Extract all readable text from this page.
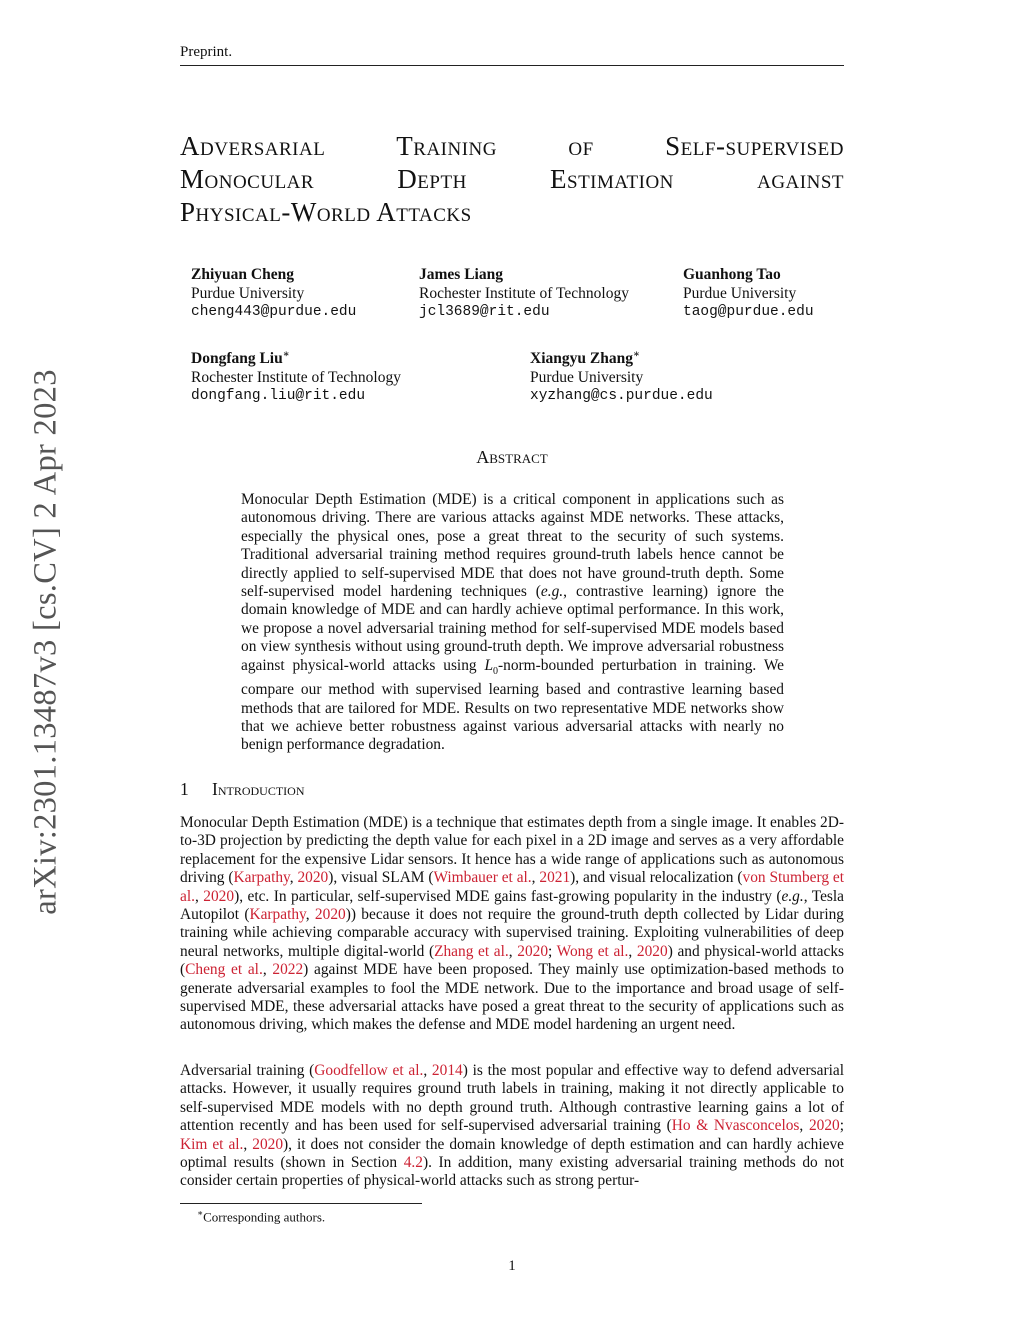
Preprint.
arXiv:2301.13487v3 [cs.CV] 2 Apr 2023
Adversarial Training of Self-supervised
Monocular Depth Estimation against
Physical-World Attacks
Zhiyuan Cheng
Purdue University
cheng443@purdue.edu
James Liang
Rochester Institute of Technology
jcl3689@rit.edu
Guanhong Tao
Purdue University
taog@purdue.edu
Dongfang Liu∗
Rochester Institute of Technology
dongfang.liu@rit.edu
Xiangyu Zhang∗
Purdue University
xyzhang@cs.purdue.edu
Abstract
Monocular Depth Estimation (MDE) is a critical component in applications such as autonomous driving. There are various attacks against MDE networks. These attacks, especially the physical ones, pose a great threat to the security of such systems. Traditional adversarial training method requires ground-truth labels hence cannot be directly applied to self-supervised MDE that does not have ground-truth depth. Some self-supervised model hardening techniques (e.g., contrastive learning) ignore the domain knowledge of MDE and can hardly achieve optimal performance. In this work, we propose a novel adversarial training method for self-supervised MDE models based on view synthesis without using ground-truth depth. We improve adversarial robustness against physical-world attacks using $L_0-norm$-bounded perturbation in training. We compare our method with supervised learning based and contrastive learning based methods that are tailored for MDE. Results on two representative MDE networks show that we achieve better robustness against various adversarial attacks with nearly no benign performance degradation.
1 Introduction
Monocular Depth Estimation (MDE) is a technique that estimates depth from a single image. It enables 2D-to-3D projection by predicting the depth value for each pixel in a 2D image and serves as a very affordable replacement for the expensive Lidar sensors. It hence has a wide range of applications such as autonomous driving (Karpathy, 2020), visual SLAM (Wimbauer et al., 2021), and visual relocalization (von Stumberg et al., 2020), etc. In particular, self-supervised MDE gains fast-growing popularity in the industry (e.g., Tesla Autopilot (Karpathy, 2020)) because it does not require the ground-truth depth collected by Lidar during training while achieving comparable accuracy with supervised training. Exploiting vulnerabilities of deep neural networks, multiple digital-world (Zhang et al., 2020; Wong et al., 2020) and physical-world attacks (Cheng et al., 2022) against MDE have been proposed. They mainly use optimization-based methods to generate adversarial examples to fool the MDE network. Due to the importance and broad usage of self-supervised MDE, these adversarial attacks have posed a great threat to the security of applications such as autonomous driving, which makes the defense and MDE model hardening an urgent need.
Adversarial training (Goodfellow et al., 2014) is the most popular and effective way to defend adversarial attacks. However, it usually requires ground truth labels in training, making it not directly applicable to self-supervised MDE models with no depth ground truth. Although contrastive learning gains a lot of attention recently and has been used for self-supervised adversarial training (Ho & Nvasconcelos, 2020; Kim et al., 2020), it does not consider the domain knowledge of depth estimation and can hardly achieve optimal results (shown in Section 4.2). In addition, many existing adversarial training methods do not consider certain properties of physical-world attacks such as strong pertur-
∗Corresponding authors.
1
